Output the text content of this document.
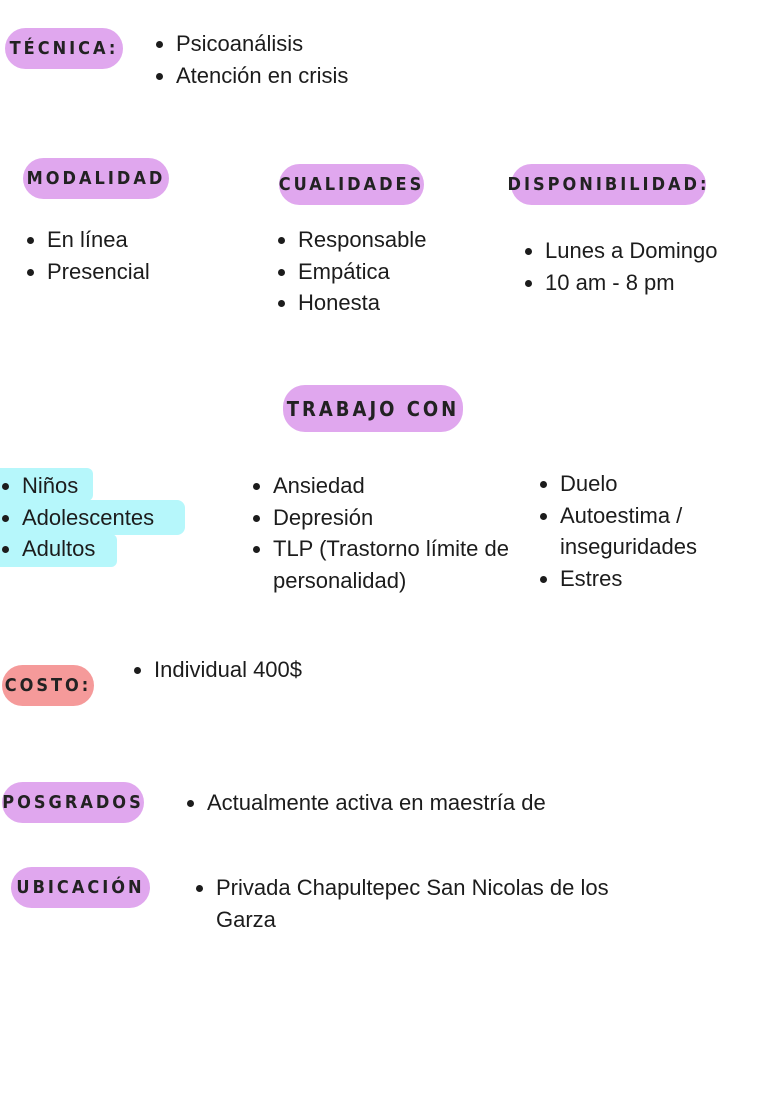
TÉCNICA:	Psicoanálisis
Atención en crisis
MODALIDAD
En línea
Presencial
CUALIDADES
Responsable
Empática
Honesta
DISPONIBILIDAD:
Lunes a Domingo
10 am - 8 pm
TRABAJO CON
Niños
Adolescentes
Adultos
Ansiedad
Depresión
TLP (Trastorno límite de personalidad)
Duelo
Autoestima / inseguridades
Estres
COSTO:
Individual 400$
POSGRADOS	Actualmente activa en maestría de
UBICACIÓN	Privada Chapultepec San Nicolas de los Garza
